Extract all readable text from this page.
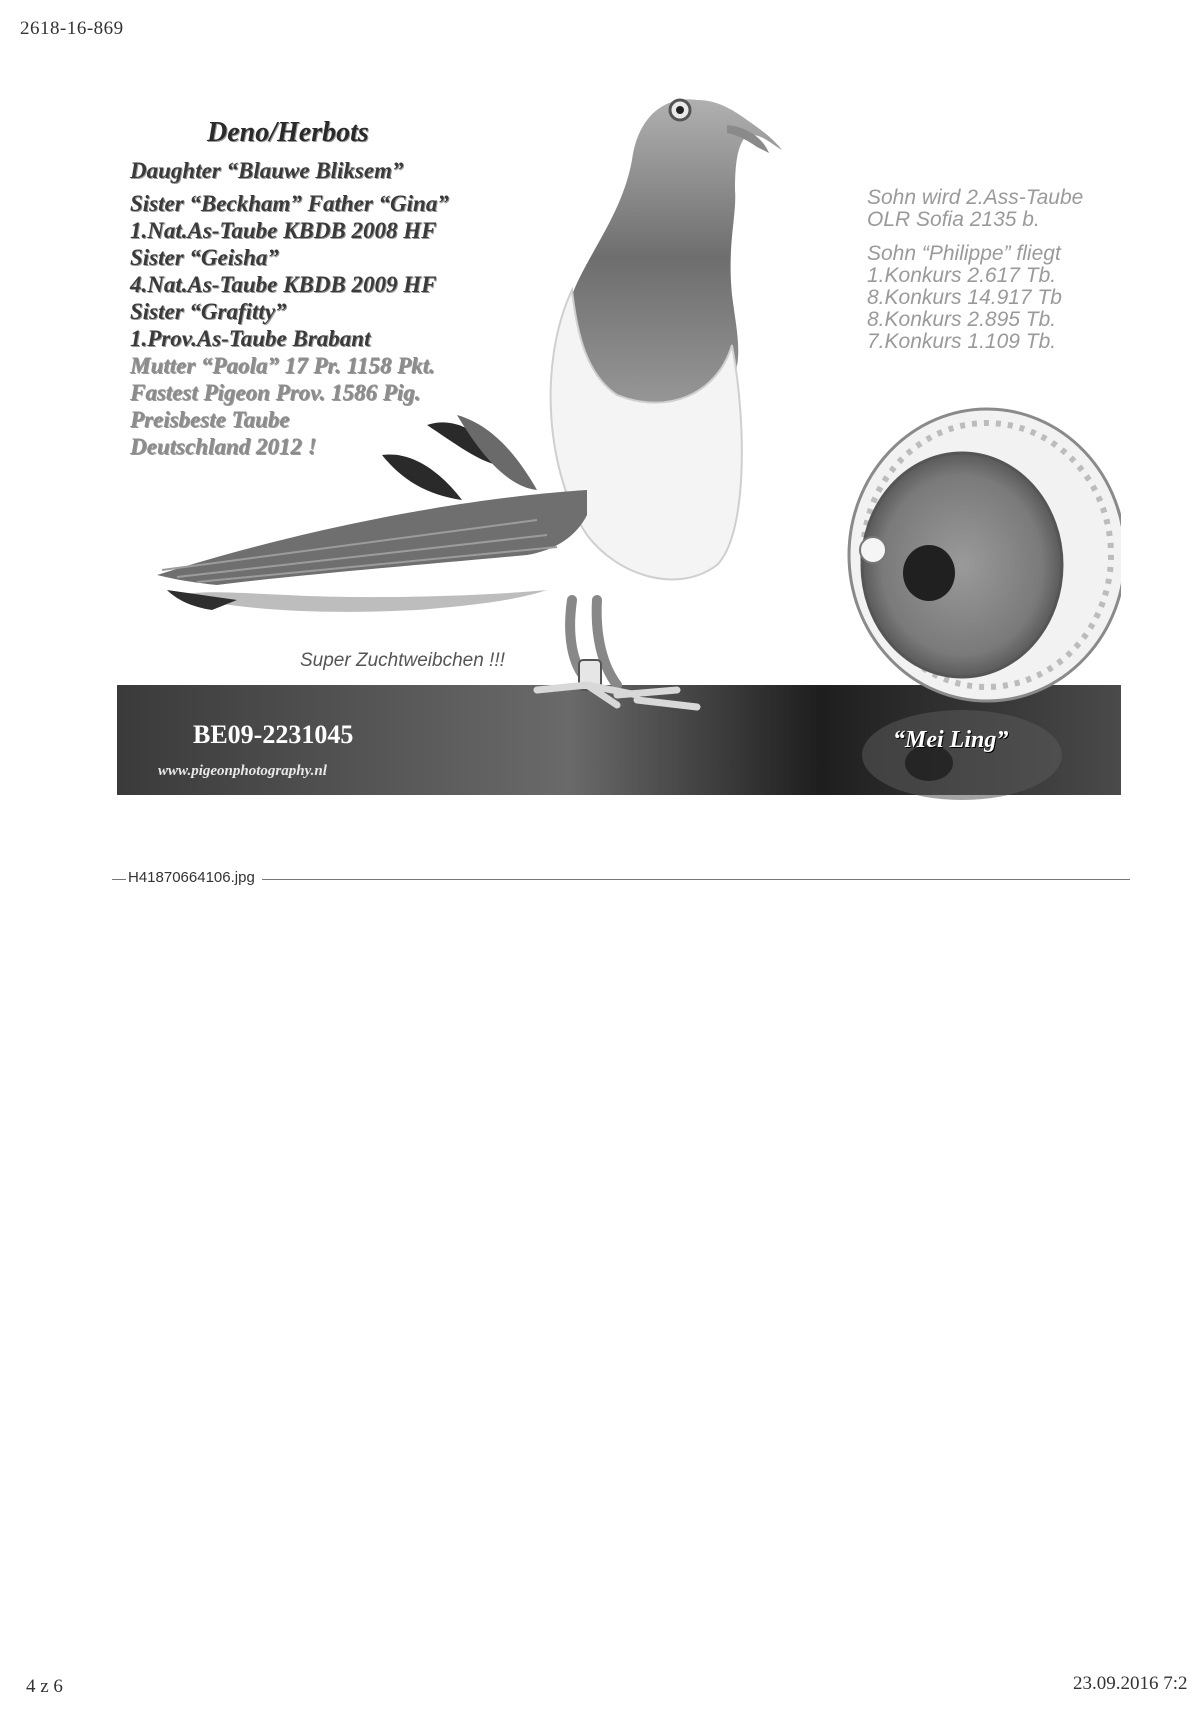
2618-16-869
Deno/Herbots
Daughter “Blauwe Bliksem”
Sister “Beckham” Father “Gina”
1.Nat.As-Taube KBDB 2008 HF
Sister “Geisha”
4.Nat.As-Taube KBDB 2009 HF
Sister “Grafitty”
1.Prov.As-Taube Brabant
Mutter “Paola” 17 Pr. 1158 Pkt.
Fastest Pigeon Prov. 1586 Pig.
Preisbeste Taube
Deutschland 2012 !
Sohn wird 2.Ass-Taube
OLR Sofia 2135 b.
Sohn “Philippe” fliegt
1.Konkurs 2.617 Tb.
8.Konkurs 14.917 Tb
8.Konkurs 2.895 Tb.
7.Konkurs 1.109 Tb.
Super Zuchtweibchen !!!
BE09-2231045
www.pigeonphotography.nl
“Mei Ling”
H41870664106.jpg
4 z 6	23.09.2016 7:2
